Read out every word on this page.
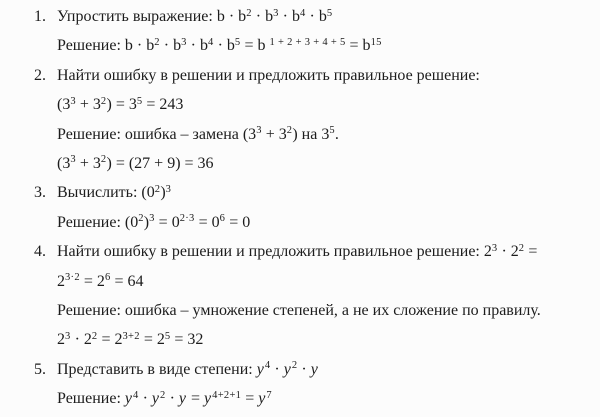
1. Упростить выражение: $b \cdot b^2 \cdot b^3 \cdot b^4 \cdot b^5$
Решение: $b \cdot b^2 \cdot b^3 \cdot b^4 \cdot b^5 = b$ $^{1 + 2 + 3 + 4 + 5} = b^{15}$
2. Найти ошибку в решении и предложить правильное решение:
$(3^3 + 3^2) = 3^5 = 243$
Решение: ошибка – замена $(3^3 + 3^2)$ на $3^5$.
$(3^3 + 3^2) = (27 + 9) = 36$
3. Вычислить: $(0^2)^3$
Решение: $(0^2)^3 = 0^{2\cdot 3} = 0^6 = 0$
4. Найти ошибку в решении и предложить правильное решение: $2^3 \cdot 2^2$ =
$2^{3\cdot 2} = 2^6 = 64$
Решение: ошибка – умножение степеней, а не их сложение по правилу.
$2^3 \cdot 2^2 = 2^{3+2} = 2^5 = 32$
5. Представить в виде степени: $y^4 \cdot y^2 \cdot y$
Решение: $y^4 \cdot y^2 \cdot y = y^{4+2+1} = y^7$
